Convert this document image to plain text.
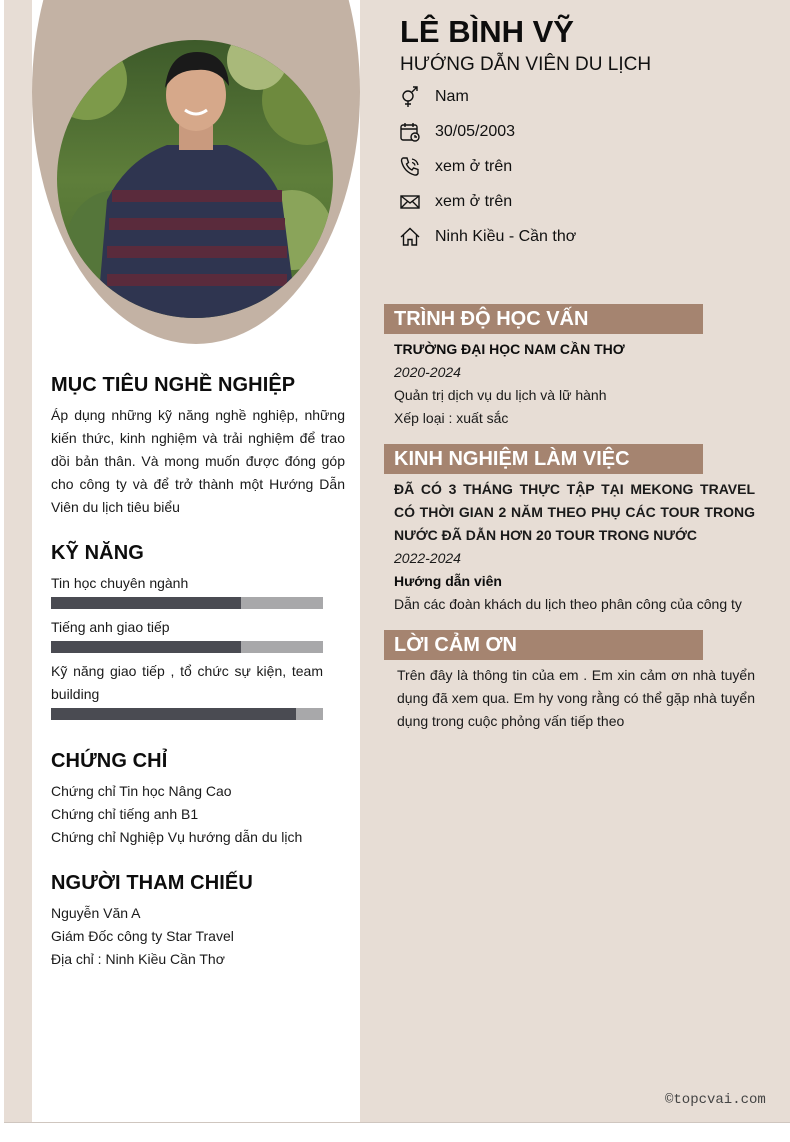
MỤC TIÊU NGHỀ NGHIỆP
Áp dụng những kỹ năng nghề nghiệp, những kiến thức, kinh nghiệm và trải nghiệm để trao dồi bản thân. Và mong muốn được đóng góp cho công ty và để trở thành một Hướng Dẫn Viên du lịch tiêu biểu
KỸ NĂNG
Tin học chuyên ngành
Tiếng anh giao tiếp
Kỹ năng giao tiếp , tổ chức sự kiện, team building
CHỨNG CHỈ
Chứng chỉ Tin học Nâng Cao
Chứng chỉ tiếng anh B1
Chứng chỉ Nghiệp Vụ hướng dẫn du lịch
NGƯỜI THAM CHIẾU
Nguyễn Văn A
Giám Đốc công ty Star Travel
Địa chỉ : Ninh Kiều Cần Thơ
LÊ BÌNH VỸ
HƯỚNG DẪN VIÊN DU LỊCH
Nam
30/05/2003
xem ở trên
xem ở trên
Ninh Kiều - Cần thơ
TRÌNH ĐỘ HỌC VẤN
TRƯỜNG ĐẠI HỌC NAM CẦN THƠ
2020-2024
Quản trị dịch vụ du lịch và lữ hành
Xếp loại : xuất sắc
KINH NGHIỆM LÀM VIỆC
ĐÃ CÓ 3 THÁNG THỰC TẬP TẠI MEKONG TRAVEL CÓ THỜI GIAN 2 NĂM THEO PHỤ CÁC TOUR TRONG NƯỚC ĐÃ DẪN HƠN 20 TOUR TRONG NƯỚC
2022-2024
Hướng dẫn viên
Dẫn các đoàn khách du lịch theo phân công của công ty
LỜI CẢM ƠN
Trên đây là thông tin của em . Em xin cảm ơn nhà tuyển dụng đã xem qua. Em hy vong rằng có thể gặp nhà tuyển dụng trong cuộc phỏng vấn tiếp theo
©topcvai.com
